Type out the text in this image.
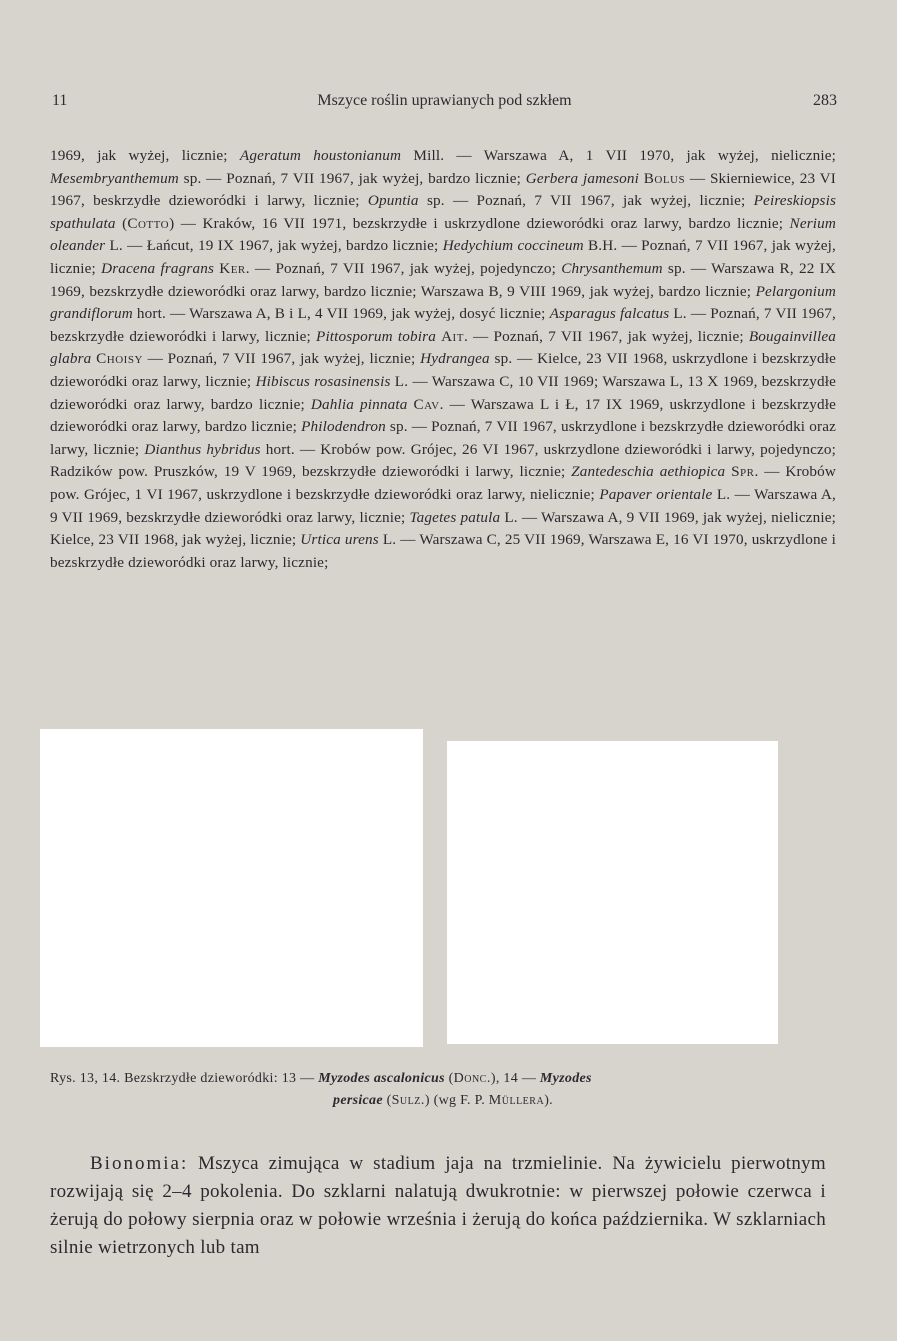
11	Mszyce roślin uprawianych pod szkłem	283
1969, jak wyżej, licznie; Ageratum houstonianum Mill. — Warszawa A, 1 VII 1970, jak wyżej, nielicznie; Mesembryanthemum sp. — Poznań, 7 VII 1967, jak wyżej, bardzo licznie; Gerbera jamesoni Bolus — Skierniewice, 23 VI 1967, beskrzydłe dzieworódki i larwy, licznie; Opuntia sp. — Poznań, 7 VII 1967, jak wyżej, licznie; Peireskiopsis spathulata (Cotto) — Kraków, 16 VII 1971, bezskrzydłe i uskrzydlone dzieworódki oraz larwy, bardzo licznie; Nerium oleander L. — Łańcut, 19 IX 1967, jak wyżej, bardzo licznie; Hedychium coccineum B.H. — Poznań, 7 VII 1967, jak wyżej, licznie; Dracena fragrans Ker. — Poznań, 7 VII 1967, jak wyżej, pojedynczo; Chrysanthemum sp. — Warszawa R, 22 IX 1969, bezskrzydłe dzieworódki oraz larwy, bardzo licznie; Warszawa B, 9 VIII 1969, jak wyżej, bardzo licznie; Pelargonium grandiflorum hort. — Warszawa A, B i L, 4 VII 1969, jak wyżej, dosyć licznie; Asparagus falcatus L. — Poznań, 7 VII 1967, bezskrzydłe dzieworódki i larwy, licznie; Pittosporum tobira Ait. — Poznań, 7 VII 1967, jak wyżej, licznie; Bougainvillea glabra Choisy — Poznań, 7 VII 1967, jak wyżej, licznie; Hydrangea sp. — Kielce, 23 VII 1968, uskrzydlone i bezskrzydłe dzieworódki oraz larwy, licznie; Hibiscus rosasinensis L. — Warszawa C, 10 VII 1969; Warszawa L, 13 X 1969, bezskrzydłe dzieworódki oraz larwy, bardzo licznie; Dahlia pinnata Cav. — Warszawa L i Ł, 17 IX 1969, uskrzydlone i bezskrzydłe dzieworódki oraz larwy, bardzo licznie; Philodendron sp. — Poznań, 7 VII 1967, uskrzydlone i bezskrzydłe dzieworódki oraz larwy, licznie; Dianthus hybridus hort. — Krobów pow. Grójec, 26 VI 1967, uskrzydlone dzieworódki i larwy, pojedynczo; Radzików pow. Pruszków, 19 V 1969, bezskrzydłe dzieworódki i larwy, licznie; Zantedeschia aethiopica Spr. — Krobów pow. Grójec, 1 VI 1967, uskrzydlone i bezskrzydłe dzieworódki oraz larwy, nielicznie; Papaver orientale L. — Warszawa A, 9 VII 1969, bezskrzydłe dzieworódki oraz larwy, licznie; Tagetes patula L. — Warszawa A, 9 VII 1969, jak wyżej, nielicznie; Kielce, 23 VII 1968, jak wyżej, licznie; Urtica urens L. — Warszawa C, 25 VII 1969, Warszawa E, 16 VI 1970, uskrzydlone i bezskrzydłe dzieworódki oraz larwy, licznie;
Rys. 13, 14. Bezskrzydłe dzieworódki: 13 — Myzodes ascalonicus (Donc.), 14 — Myzodes
persicae (Sulz.) (wg F. P. Müllera).
Bionomia: Mszyca zimująca w stadium jaja na trzmielinie. Na żywicielu pierwotnym rozwijają się 2–4 pokolenia. Do szklarni nalatują dwukrotnie: w pierwszej połowie czerwca i żerują do połowy sierpnia oraz w połowie września i żerują do końca października. W szklarniach silnie wietrzonych lub tam
